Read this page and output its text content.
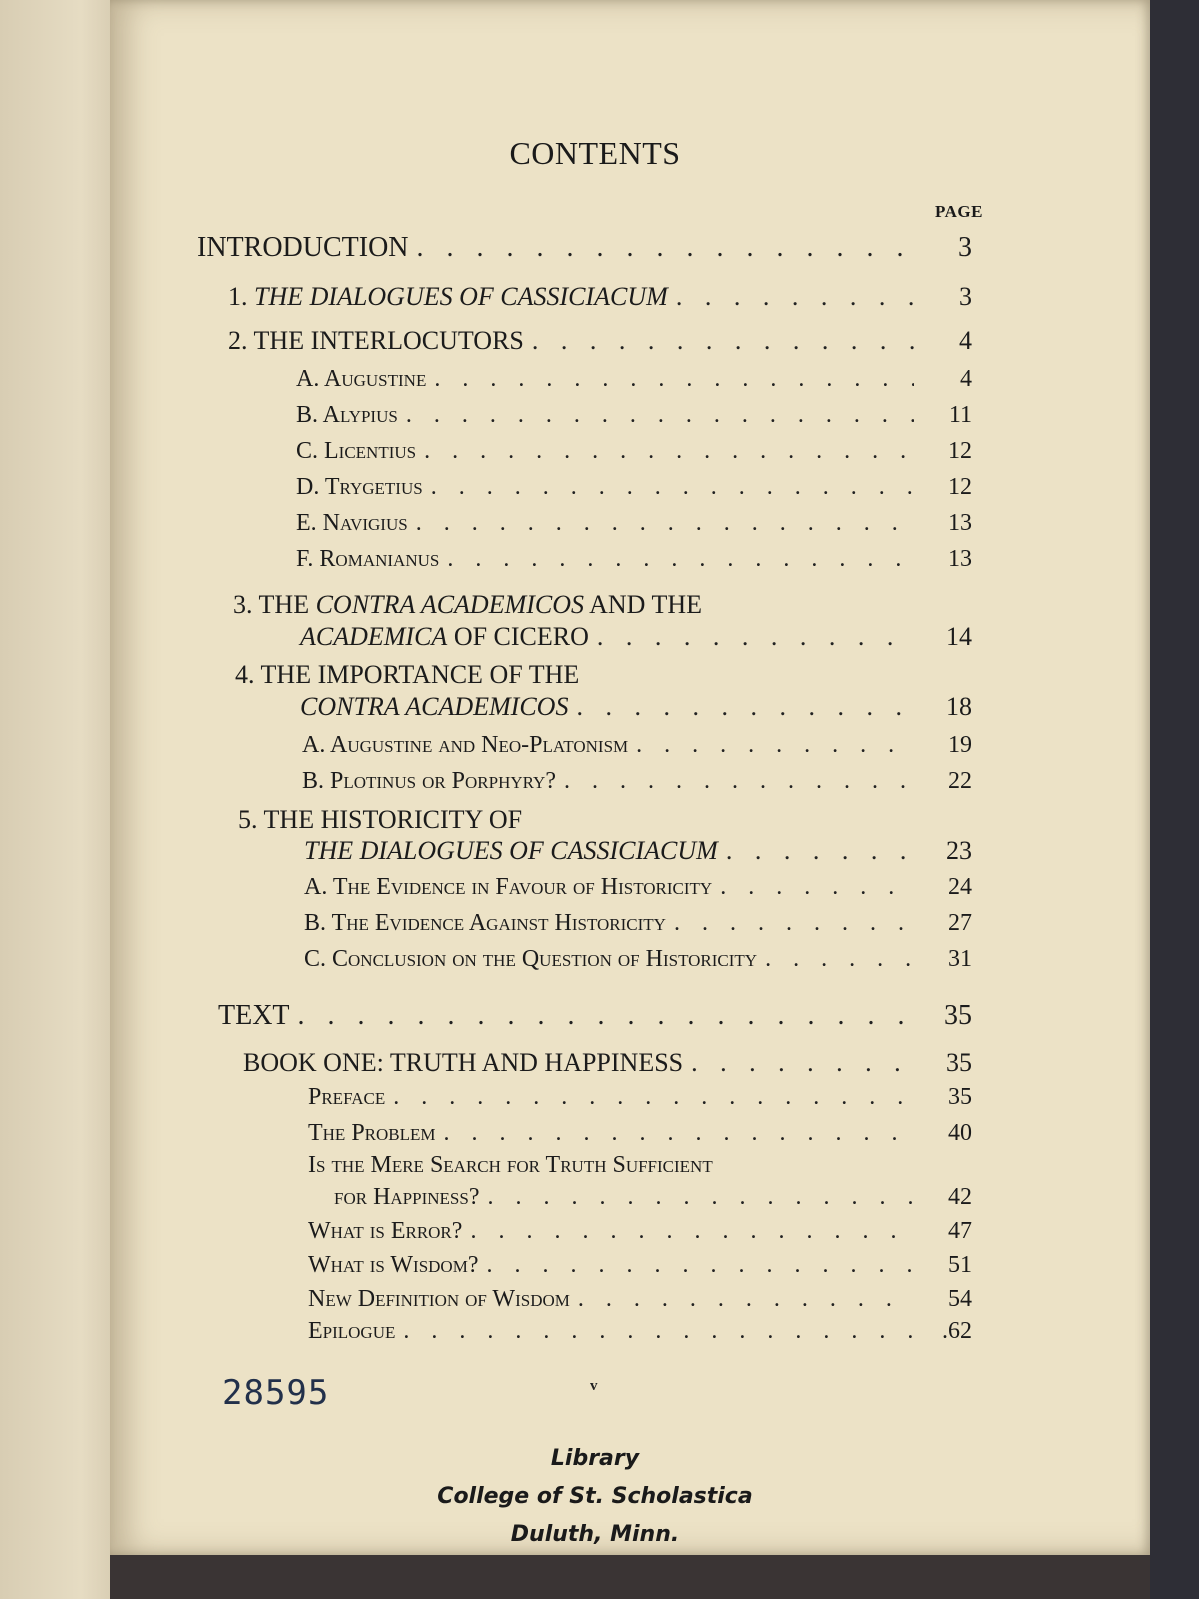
CONTENTS
PAGE
INTRODUCTION . . .	3
1. THE DIALOGUES OF CASSICIACUM . . .	3
2. THE INTERLOCUTORS . . .	4
A. Augustine . . .	4
B. Alypius . . .	11
C. Licentius . . .	12
D. Trygetius . . .	12
E. Navigius . . .	13
F. Romanianus . . .	13
3. THE CONTRA ACADEMICOS AND THE
ACADEMICA OF CICERO . . .	14
4. THE IMPORTANCE OF THE
CONTRA ACADEMICOS . . .	18
A. Augustine and Neo-Platonism . . .	19
B. Plotinus or Porphyry? . . .	22
5. THE HISTORICITY OF
THE DIALOGUES OF CASSICIACUM . . .	23
A. The Evidence in Favour of Historicity . . .	24
B. The Evidence Against Historicity . . .	27
C. Conclusion on the Question of Historicity . . .	31
TEXT . . .	35
BOOK ONE: TRUTH AND HAPPINESS . . .	35
Preface . . .	35
The Problem . . .	40
Is the Mere Search for Truth Sufficient
for Happiness? . . .	42
What is Error? . . .	47
What is Wisdom? . . .	51
New Definition of Wisdom . . .	54
Epilogue . . .	.62
28595	v
Library
College of St. Scholastica
Duluth, Minn.
